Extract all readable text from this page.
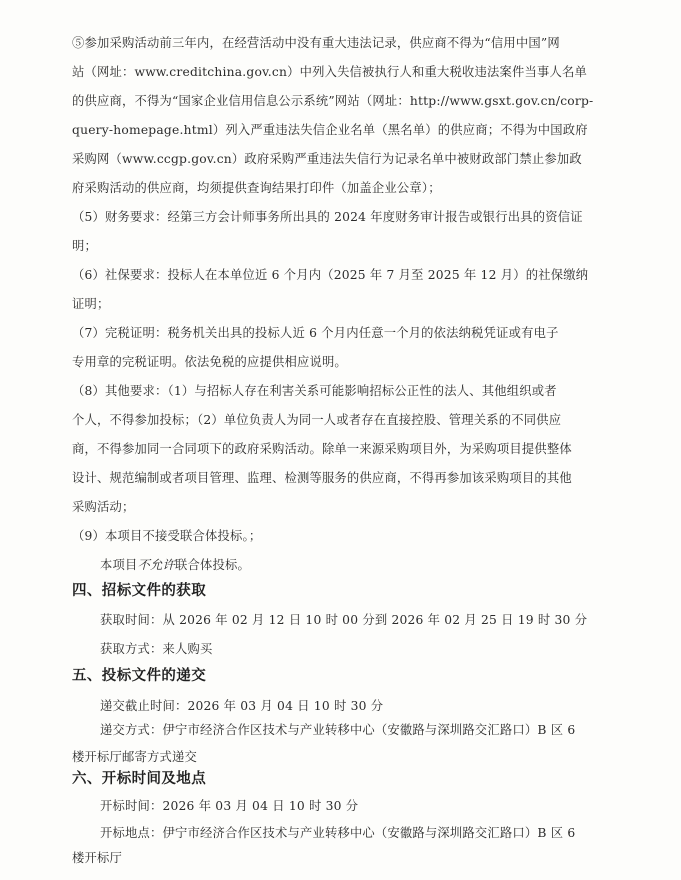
⑤参加采购活动前三年内，在经营活动中没有重大违法记录，供应商不得为“信用中国”网
站（网址：www.creditchina.gov.cn）中列入失信被执行人和重大税收违法案件当事人名单
的供应商，不得为“国家企业信用信息公示系统”网站（网址：http://www.gsxt.gov.cn/corp-
query-homepage.html）列入严重违法失信企业名单（黑名单）的供应商；不得为中国政府
采购网（www.ccgp.gov.cn）政府采购严重违法失信行为记录名单中被财政部门禁止参加政
府采购活动的供应商，均须提供查询结果打印件（加盖企业公章）；
（5）财务要求：经第三方会计师事务所出具的 2024 年度财务审计报告或银行出具的资信证
明；
（6）社保要求：投标人在本单位近 6 个月内（2025 年 7 月至 2025 年 12 月）的社保缴纳
证明；
（7）完税证明：税务机关出具的投标人近 6 个月内任意一个月的依法纳税凭证或有电子
专用章的完税证明。依法免税的应提供相应说明。
（8）其他要求：（1）与招标人存在利害关系可能影响招标公正性的法人、其他组织或者
个人，不得参加投标；（2）单位负责人为同一人或者存在直接控股、管理关系的不同供应
商，不得参加同一合同项下的政府采购活动。除单一来源采购项目外，为采购项目提供整体
设计、规范编制或者项目管理、监理、检测等服务的供应商，不得再参加该采购项目的其他
采购活动；
（9）本项目不接受联合体投标。；
本项目不允许联合体投标。
四、招标文件的获取
获取时间：从 2026 年 02 月 12 日 10 时 00 分到 2026 年 02 月 25 日 19 时 30 分
获取方式：来人购买
五、投标文件的递交
递交截止时间：2026 年 03 月 04 日 10 时 30 分
递交方式：伊宁市经济合作区技术与产业转移中心（安徽路与深圳路交汇路口）B 区 6
楼开标厅邮寄方式递交
六、开标时间及地点
开标时间：2026 年 03 月 04 日 10 时 30 分
开标地点：伊宁市经济合作区技术与产业转移中心（安徽路与深圳路交汇路口）B 区 6
楼开标厅
